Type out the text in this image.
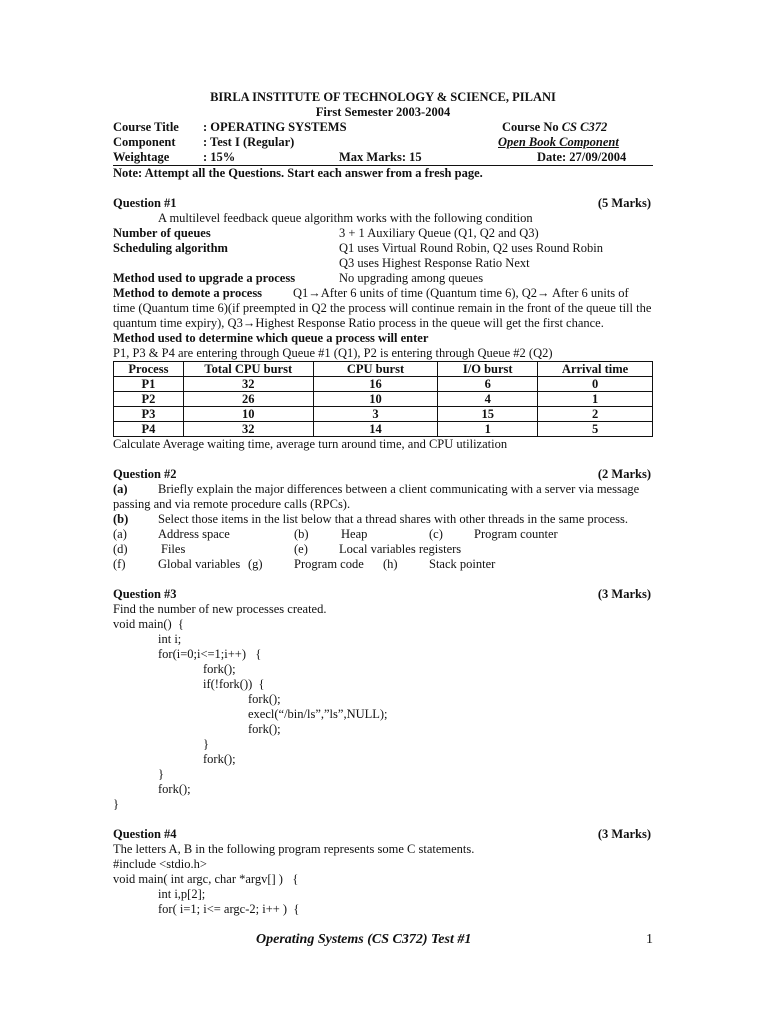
BIRLA INSTITUTE OF TECHNOLOGY & SCIENCE, PILANI
First Semester 2003-2004
Course Title : OPERATING SYSTEMS	Course No CS C372
Component : Test I (Regular)	Open Book Component
Weightage	: 15%	Max Marks: 15	Date: 27/09/2004
Note: Attempt all the Questions. Start each answer from a fresh page.
Question #1	(5 Marks)
A multilevel feedback queue algorithm works with the following condition
Number of queues	3 + 1 Auxiliary Queue (Q1, Q2 and Q3)
Scheduling algorithm	Q1 uses Virtual Round Robin, Q2 uses Round Robin
Q3 uses Highest Response Ratio Next
Method used to upgrade a process	No upgrading among queues
Method to demote a process Q1→After 6 units of time (Quantum time 6), Q2→ After 6 units of
time (Quantum time 6)(if preempted in Q2 the process will continue remain in the front of the queue till the
quantum time expiry), Q3→Highest Response Ratio process in the queue will get the first chance.
Method used to determine which queue a process will enter
P1, P3 & P4 are entering through Queue #1 (Q1), P2 is entering through Queue #2 (Q2)
Process	Total CPU burst	CPU burst	I/O burst	Arrival time
P1	32	16	6	0
P2	26	10	4	1
P3	10	3	15	2
P4	32	14	1	5
Calculate Average waiting time, average turn around time, and CPU utilization
Question #2	(2 Marks)
(a) Briefly explain the major differences between a client communicating with a server via message
passing and via remote procedure calls (RPCs).
(b) Select those items in the list below that a thread shares with other threads in the same process.
(a) Address space	(b)	Heap	(c) Program counter
(d)	Files	(e) Local variables registers
(f)	Global variables (g)	Program code (h)	Stack pointer
Question #3	(3 Marks)
Find the number of new processes created.
void main()  {
int i;
for(i=0;i<=1;i++)   {
fork();
if(!fork())  {
fork();
execl(“/bin/ls”,”ls”,NULL);
fork();
}
fork();
}
fork();
}
Question #4	(3 Marks)
The letters A, B in the following program represents some C statements.
#include <stdio.h>
void main( int argc, char *argv[] )   {
int i,p[2];
for( i=1; i<= argc-2; i++ )  {
Operating Systems (CS C372) Test #1	1
